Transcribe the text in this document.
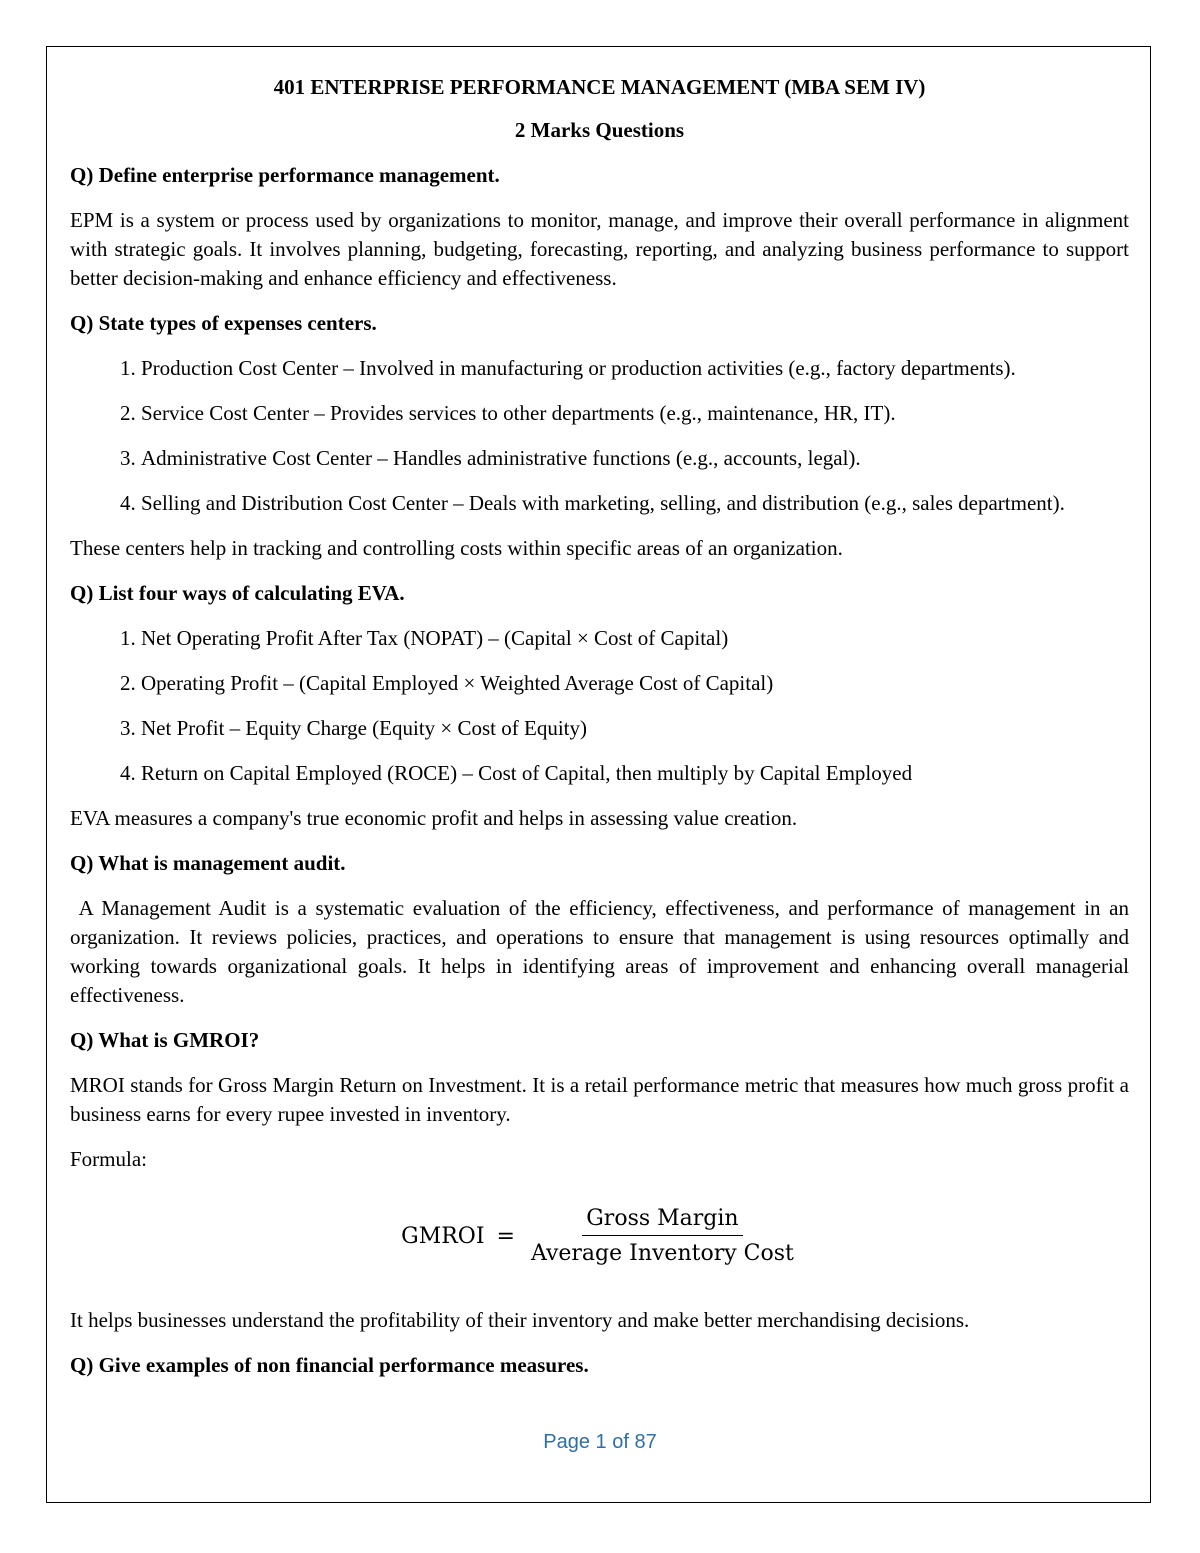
401 ENTERPRISE PERFORMANCE MANAGEMENT (MBA SEM IV)
2 Marks Questions
Q) Define enterprise performance management.

EPM is a system or process used by organizations to monitor, manage, and improve their overall performance in alignment with strategic goals. It involves planning, budgeting, forecasting, reporting, and analyzing business performance to support better decision-making and enhance efficiency and effectiveness.

Q) State types of expenses centers.
1. Production Cost Center – Involved in manufacturing or production activities (e.g., factory departments).
2. Service Cost Center – Provides services to other departments (e.g., maintenance, HR, IT).
3. Administrative Cost Center – Handles administrative functions (e.g., accounts, legal).
4. Selling and Distribution Cost Center – Deals with marketing, selling, and distribution (e.g., sales department).

These centers help in tracking and controlling costs within specific areas of an organization.

Q) List four ways of calculating EVA.
1. Net Operating Profit After Tax (NOPAT) – (Capital × Cost of Capital)
2. Operating Profit – (Capital Employed × Weighted Average Cost of Capital)
3. Net Profit – Equity Charge (Equity × Cost of Equity)
4. Return on Capital Employed (ROCE) – Cost of Capital, then multiply by Capital Employed

EVA measures a company's true economic profit and helps in assessing value creation.

Q) What is management audit.

A Management Audit is a systematic evaluation of the efficiency, effectiveness, and performance of management in an organization. It reviews policies, practices, and operations to ensure that management is using resources optimally and working towards organizational goals. It helps in identifying areas of improvement and enhancing overall managerial effectiveness.

Q) What is GMROI?

MROI stands for Gross Margin Return on Investment. It is a retail performance metric that measures how much gross profit a business earns for every rupee invested in inventory.

Formula:

GMROI = $\frac{\text{Gross Margin}}{\text{Average Inventory Cost}}$

It helps businesses understand the profitability of their inventory and make better merchandising decisions.

Q) Give examples of non financial performance measures.
Page 1 of 87
